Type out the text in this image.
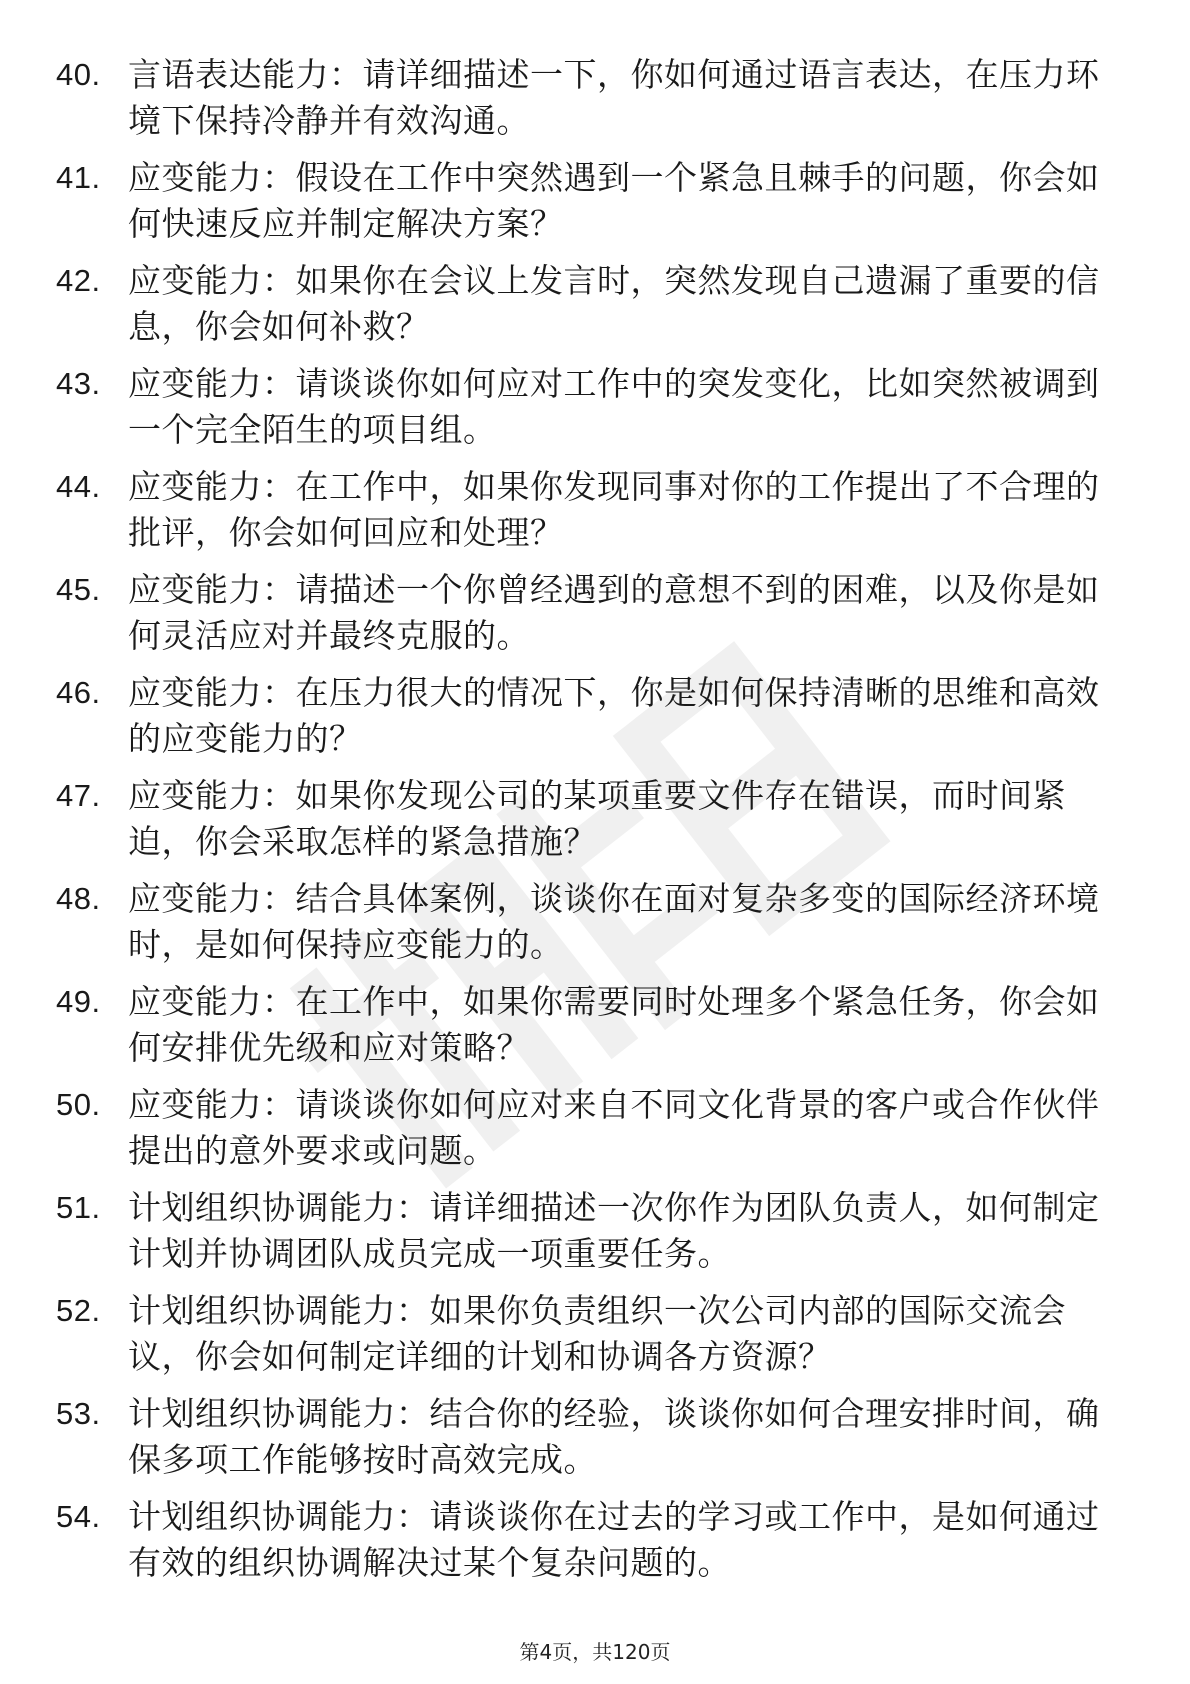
40. 言语表达能力：请详细描述一下，你如何通过语言表达，在压力环境下保持冷静并有效沟通。
41. 应变能力：假设在工作中突然遇到一个紧急且棘手的问题，你会如何快速反应并制定解决方案？
42. 应变能力：如果你在会议上发言时，突然发现自己遗漏了重要的信息，你会如何补救？
43. 应变能力：请谈谈你如何应对工作中的突发变化，比如突然被调到一个完全陌生的项目组。
44. 应变能力：在工作中，如果你发现同事对你的工作提出了不合理的批评，你会如何回应和处理？
45. 应变能力：请描述一个你曾经遇到的意想不到的困难，以及你是如何灵活应对并最终克服的。
46. 应变能力：在压力很大的情况下，你是如何保持清晰的思维和高效的应变能力的？
47. 应变能力：如果你发现公司的某项重要文件存在错误，而时间紧迫，你会采取怎样的紧急措施？
48. 应变能力：结合具体案例，谈谈你在面对复杂多变的国际经济环境时，是如何保持应变能力的。
49. 应变能力：在工作中，如果你需要同时处理多个紧急任务，你会如何安排优先级和应对策略？
50. 应变能力：请谈谈你如何应对来自不同文化背景的客户或合作伙伴提出的意外要求或问题。
51. 计划组织协调能力：请详细描述一次你作为团队负责人，如何制定计划并协调团队成员完成一项重要任务。
52. 计划组织协调能力：如果你负责组织一次公司内部的国际交流会议，你会如何制定详细的计划和协调各方资源？
53. 计划组织协调能力：结合你的经验，谈谈你如何合理安排时间，确保多项工作能够按时高效完成。
54. 计划组织协调能力：请谈谈你在过去的学习或工作中，是如何通过有效的组织协调解决过某个复杂问题的。
第4页，共120页
